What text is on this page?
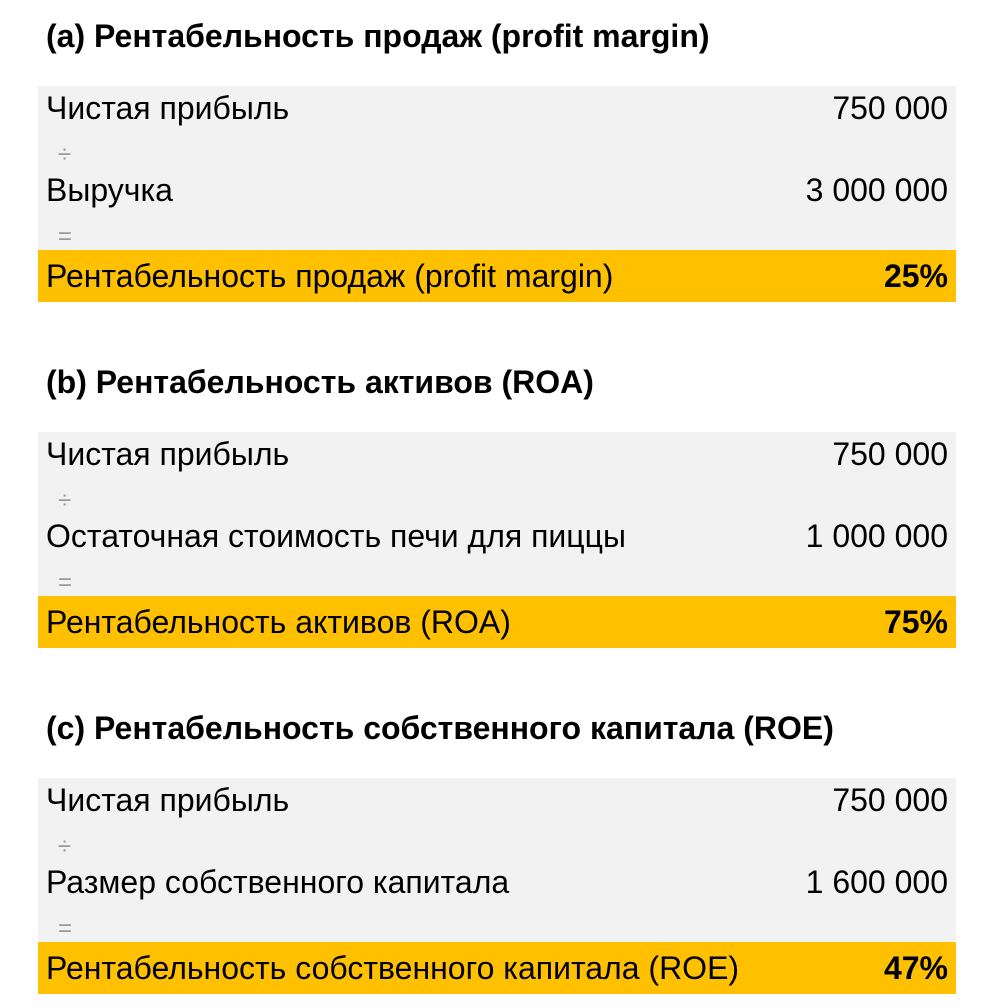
(a) Рентабельность продаж (profit margin)
Чистая прибыль	750 000
÷
Выручка	3 000 000
=
Рентабельность продаж (profit margin)	25%
(b) Рентабельность активов (ROA)
Чистая прибыль	750 000
÷
Остаточная стоимость печи для пиццы	1 000 000
=
Рентабельность активов (ROA)	75%
(c) Рентабельность собственного капитала (ROE)
Чистая прибыль	750 000
÷
Размер собственного капитала	1 600 000
=
Рентабельность собственного капитала (ROE)	47%
